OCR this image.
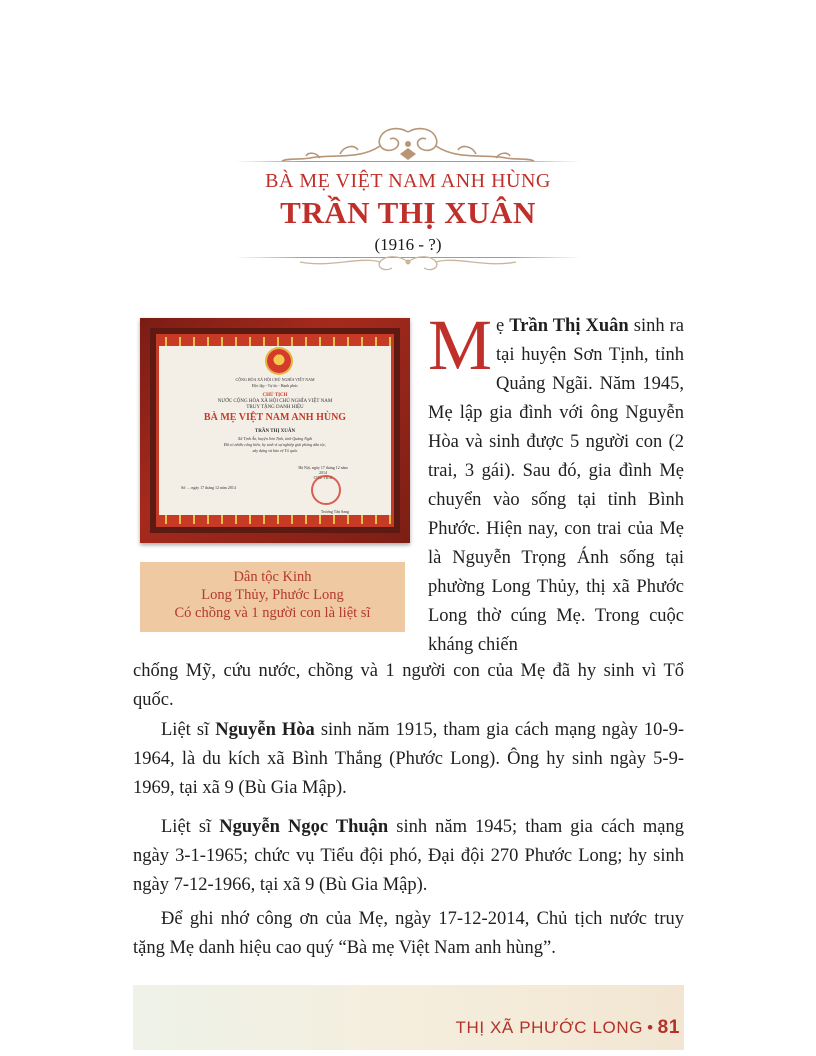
BÀ MẸ VIỆT NAM ANH HÙNG
TRẦN THỊ XUÂN
(1916 - ?)
CỘNG HÒA XÃ HỘI CHỦ NGHĨA VIỆT NAM
Độc lập - Tự do - Hạnh phúc
CHỦ TỊCH
NƯỚC CỘNG HÒA XÃ HỘI CHỦ NGHĨA VIỆT NAM
TRUY TẶNG DANH HIỆU
BÀ MẸ VIỆT NAM ANH HÙNG
TRẦN THỊ XUÂN
Xã Tịnh Ấn, huyện Sơn Tịnh, tỉnh Quảng Ngãi
Đã có nhiều công hiến, hy sinh vì sự nghiệp giải phóng dân tộc,
xây dựng và bảo vệ Tổ quốc
Hà Nội, ngày 17 tháng 12 năm 2014
CHỦ TỊCH
Số: ... ngày 17 tháng 12 năm 2014
Trương Tấn Sang
Dân tộc Kinh
Long Thủy, Phước Long
Có chồng và 1 người con là liệt sĩ
Mẹ Trần Thị Xuân sinh ra tại huyện Sơn Tịnh, tỉnh Quảng Ngãi. Năm 1945, Mẹ lập gia đình với ông Nguyễn Hòa và sinh được 5 người con (2 trai, 3 gái). Sau đó, gia đình Mẹ chuyển vào sống tại tỉnh Bình Phước. Hiện nay, con trai của Mẹ là Nguyễn Trọng Ánh sống tại phường Long Thủy, thị xã Phước Long thờ cúng Mẹ. Trong cuộc kháng chiến
chống Mỹ, cứu nước, chồng và 1 người con của Mẹ đã hy sinh vì Tổ quốc.
Liệt sĩ Nguyễn Hòa sinh năm 1915, tham gia cách mạng ngày 10-9-1964, là du kích xã Bình Thắng (Phước Long). Ông hy sinh ngày 5-9-1969, tại xã 9 (Bù Gia Mập).
Liệt sĩ Nguyễn Ngọc Thuận sinh năm 1945; tham gia cách mạng ngày 3-1-1965; chức vụ Tiểu đội phó, Đại đội 270 Phước Long; hy sinh ngày 7-12-1966, tại xã 9 (Bù Gia Mập).
Để ghi nhớ công ơn của Mẹ, ngày 17-12-2014, Chủ tịch nước truy tặng Mẹ danh hiệu cao quý “Bà mẹ Việt Nam anh hùng”.
THỊ XÃ PHƯỚC LONG • 81
